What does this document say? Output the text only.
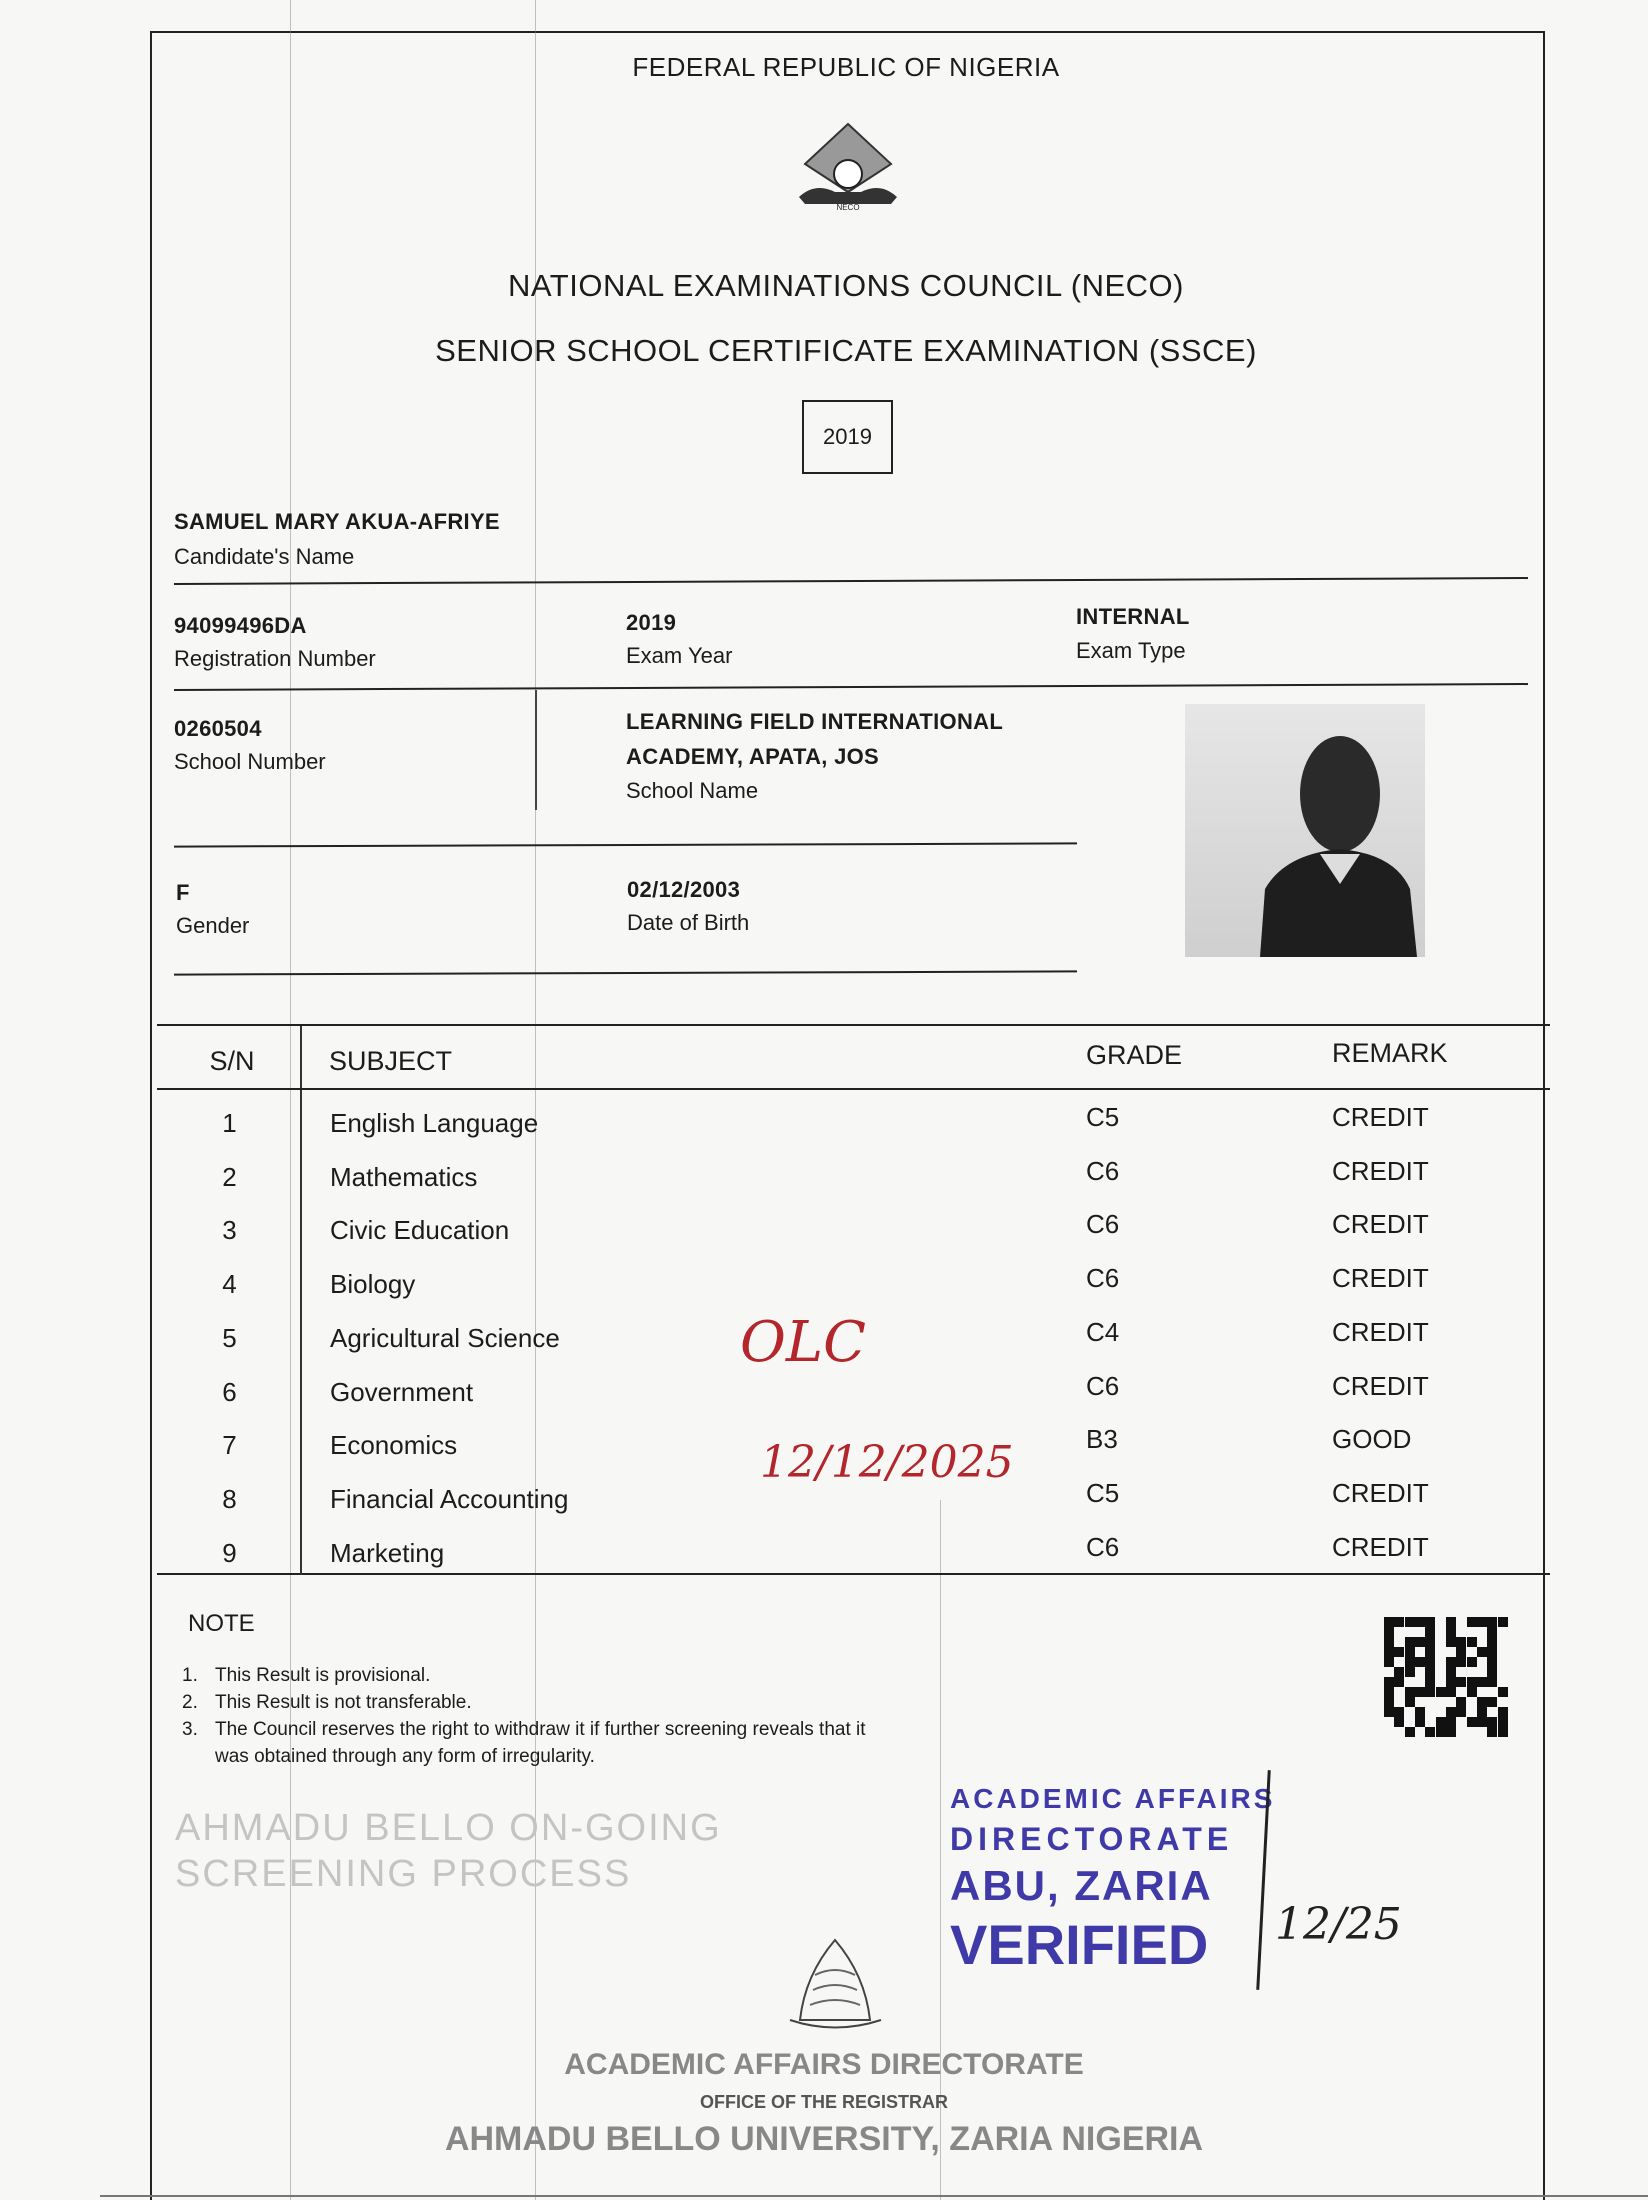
AHMADU BELLO ON-GOING SCREENING PROCESS
FEDERAL REPUBLIC OF NIGERIA
NECO
NATIONAL EXAMINATIONS COUNCIL (NECO)
SENIOR SCHOOL CERTIFICATE EXAMINATION (SSCE)
2019
SAMUEL MARY AKUA-AFRIYE
Candidate's Name
94099496DA
Registration Number
2019
Exam Year
INTERNAL
Exam Type
0260504
School Number
LEARNING FIELD INTERNATIONAL
ACADEMY, APATA, JOS
School Name
F
Gender
02/12/2003
Date of Birth
S/N	SUBJECT	GRADE	REMARK
1	English Language	C5	CREDIT
2	Mathematics	C6	CREDIT
3	Civic Education	C6	CREDIT
4	Biology	C6	CREDIT
5	Agricultural Science	C4	CREDIT
6	Government	C6	CREDIT
7	Economics	B3	GOOD
8	Financial Accounting	C5	CREDIT
9	Marketing	C6	CREDIT
NOTE
1. This Result is provisional.
2. This Result is not transferable.
3. The Council reserves the right to withdraw it if further screening reveals that it was obtained through any form of irregularity.
OLC
12/12/2025
ACADEMIC AFFAIRS
DIRECTORATE
ABU, ZARIA
VERIFIED 12/25
ACADEMIC AFFAIRS DIRECTORATE
OFFICE OF THE REGISTRAR
AHMADU BELLO UNIVERSITY, ZARIA NIGERIA
